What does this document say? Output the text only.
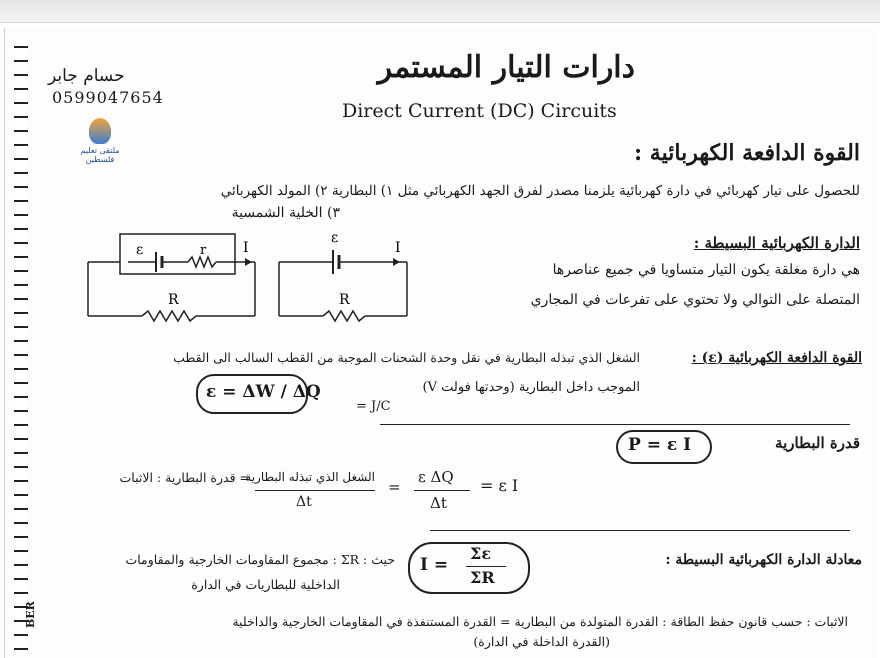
حسام جابر
0599047654
دارات التيار المستمر
Direct Current (DC) Circuits
ملتقى تعليم فلسطين	القوة الدافعة الكهربائية :
للحصول على تيار كهربائي في دارة كهربائية يلزمنا مصدر لفرق الجهد الكهربائي مثل ١) البطارية ٢) المولد الكهربائي
٣) الخلية الشمسية
ε	r	I
R
ε
I
R
الدارة الكهربائية البسيطة :
هي دارة مغلقة يكون التيار متساويا في جميع عناصرها
المتصلة على التوالي ولا تحتوي على تفرعات في المجاري
القوة الدافعة الكهربائية (ε) :
الشغل الذي تبذله البطارية في نقل وحدة الشحنات الموجبة من القطب السالب الى القطب
الموجب داخل البطارية (وحدتها فولت V)
= J/C
ε = ΔW / ΔQ
P = ε I	قدرة البطارية
= قدرة البطارية : الاثبات
الشغل الذي تبذله البطارية
Δt
=
ε ΔQ
Δt
= ε I
معادلة الدارة الكهربائية البسيطة :
I =
Σε
ΣR
حيث : ΣR : مجموع المقاومات الخارجية والمقاومات
الداخلية للبطاريات في الدارة
الاثبات : حسب قانون حفظ الطاقة : القدرة المتولدة من البطارية = القدرة المستنفذة في المقاومات الخارجية والداخلية
(القدرة الداخلة في الدارة)
BER
